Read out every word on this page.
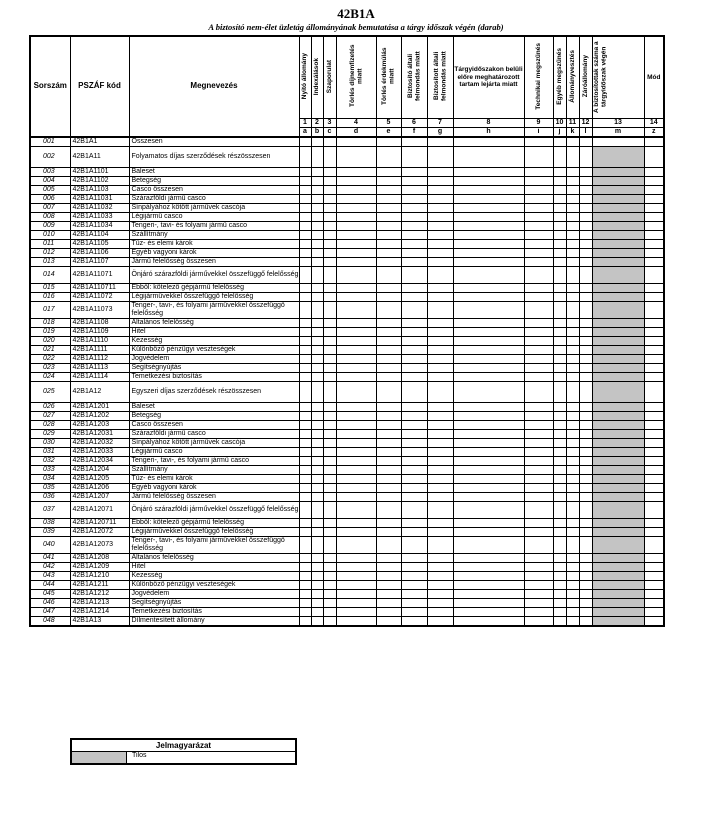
42B1A
A biztosító nem-élet üzletág állományának bemutatása a tárgy időszak végén (darab)
Sorszám	PSZÁF kód	Megnevezés	Nyitó állomány	Indexálások	Szaporulat	Törlés díjnemfizetés miatt	Törlés érdekmúlás miatt	Biztosító általi felmondás miatt	Biztosított általi felmondás miatt	Tárgyidőszakon belüli előre meghatározott tartam lejárta miatt	Technikai megszűnés	Egyéb megszűnés	Állományvesztés	Záróállomány	A biztosítottak száma a tárgyidőszak végén	Mód

			1	2	3	4	5	6	7	8	9	10	11	12	13	14
			a	b	c	d	e	f	g	h	i	j	k	l	m	z
001	42B1A1	Összesen														
002	42B1A11	Folyamatos díjas szerződések részösszesen														
003	42B1A1101	Baleset														
004	42B1A1102	Betegség														
005	42B1A1103	Casco összesen														
006	42B1A11031	Szárazföldi jármű casco														
007	42B1A11032	Sínpályához kötött járművek cascója														
008	42B1A11033	Légijármű casco														
009	42B1A11034	Tengeri-, tavi- és folyami jármű casco														
010	42B1A1104	Szállítmány														
011	42B1A1105	Tűz- és elemi károk														
012	42B1A1106	Egyéb vagyoni károk														
013	42B1A1107	Jármű felelősség összesen														
014	42B1A11071	Önjáró szárazföldi járművekkel összefüggő felelősség														
015	42B1A110711	Ebből: kötelező gépjármű felelősség														
016	42B1A11072	Légijárművekkel összefüggő felelősség														
017	42B1A11073	Tenger-, tavi-, és folyami járművekkel összefüggő felelősség														
018	42B1A1108	Általános felelősség														
019	42B1A1109	Hitel														
020	42B1A1110	Kezesség														
021	42B1A1111	Különböző pénzügyi veszteségek														
022	42B1A1112	Jogvédelem														
023	42B1A1113	Segítségnyújtás														
024	42B1A1114	Temetkezési biztosítás														
025	42B1A12	Egyszeri díjas szerződések részösszesen														
026	42B1A1201	Baleset														
027	42B1A1202	Betegség														
028	42B1A1203	Casco összesen														
029	42B1A12031	Szárazföldi jármű casco														
030	42B1A12032	Sínpályához kötött járművek cascója														
031	42B1A12033	Légijármű casco														
032	42B1A12034	Tengeri-, tavi-, és folyami jármű casco														
033	42B1A1204	Szállítmány														
034	42B1A1205	Tűz- és elemi károk														
035	42B1A1206	Egyéb vagyoni károk														
036	42B1A1207	Jármű felelősség összesen														
037	42B1A12071	Önjáró szárazföldi járművekkel összefüggő felelősség														
038	42B1A120711	Ebből: kötelező gépjármű felelősség														
039	42B1A12072	Légijárművekkel összefüggő felelősség														
040	42B1A12073	Tenger-, tavi-, és folyami járművekkel összefüggő felelősség														
041	42B1A1208	Általános felelősség														
042	42B1A1209	Hitel														
043	42B1A1210	Kezesség														
044	42B1A1211	Különböző pénzügyi veszteségek														
045	42B1A1212	Jogvédelem														
046	42B1A1213	Segítségnyújtás														
047	42B1A1214	Temetkezési biztosítás														
048	42B1A13	Dílmentesített állomány														
Jelmagyarázat
Tilos
